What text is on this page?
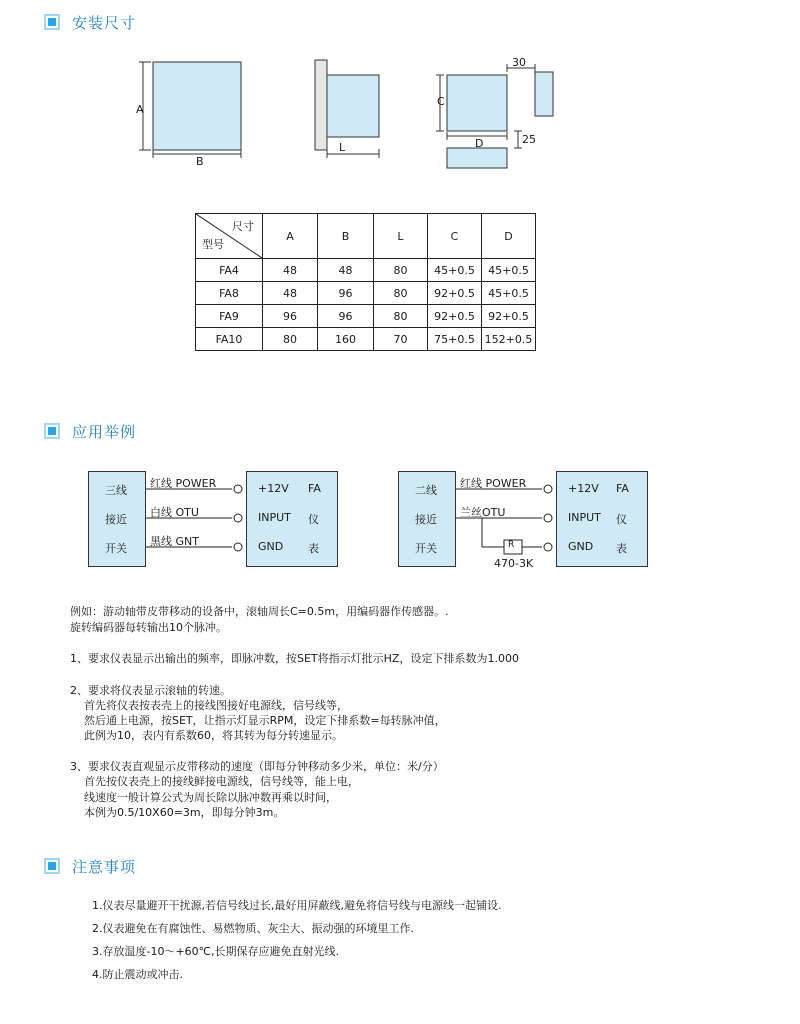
安装尺寸
A
B
L
C
D
30
25
尺寸
型号	A	B	L	C	D
FA4	48	48	80	45+0.5	45+0.5
FA8	48	96	80	92+0.5	45+0.5
FA9	96	96	80	92+0.5	92+0.5
FA10	80	160	70	75+0.5	152+0.5
应用举例
三线
接近
开关
红线 POWER
白线 OTU
黑线 GNT
+12V
INPUT
GND
FA
仪
表
二线
接近
开关
红线 POWER
兰丝OTU
R
470-3K
+12V
INPUT
GND
FA
仪
表
例如：游动轴带皮带移动的设备中，滚轴周长C=0.5m，用编码器作传感器。.
旋转编码器每转输出10个脉冲。
1、要求仪表显示出输出的频率，即脉冲数，按SET将指示灯批示HZ，设定下排系数为1.000
2、要求将仪表显示滚轴的转速。
首先将仪表按表壳上的接线图接好电源线，信号线等，
然后通上电源，按SET，让指示灯显示RPM，设定下排系数=每转脉冲值，
此例为10，表内有系数60，将其转为每分转速显示。
3、要求仪表直观显示皮带移动的速度（即每分钟移动多少米，单位：米/分）
首先按仪表壳上的接线鲜接电源线，信号线等，能上电，
线速度一般计算公式为周长除以脉冲数再乘以时间，
本例为0.5/10X60=3m，即每分钟3m。
注意事项
1.仪表尽量避开干扰源,若信号线过长,最好用屏蔽线,避免将信号线与电源线一起铺设.
2.仪表避免在有腐蚀性、易燃物质、灰尘大、振动强的环境里工作.
3.存放温度-10～+60℃,长期保存应避免直射光线.
4.防止震动或冲击.
